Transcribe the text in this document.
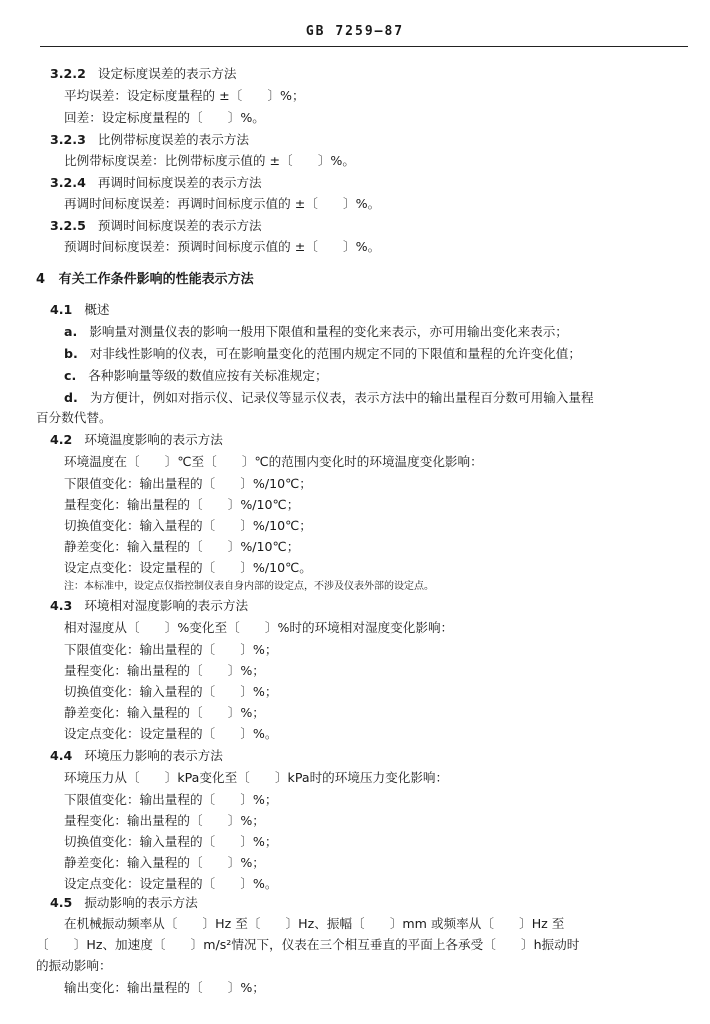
GB 7259—87
3.2.2 设定标度误差的表示方法
平均误差：设定标度量程的 ±〔　　〕%；
回差：设定标度量程的〔　　〕%。
3.2.3 比例带标度误差的表示方法
比例带标度误差：比例带标度示值的 ±〔　　〕%。
3.2.4 再调时间标度误差的表示方法
再调时间标度误差：再调时间标度示值的 ±〔　　〕%。
3.2.5 预调时间标度误差的表示方法
预调时间标度误差：预调时间标度示值的 ±〔　　〕%。
4 有关工作条件影响的性能表示方法
4.1 概述
a. 影响量对测量仪表的影响一般用下限值和量程的变化来表示，亦可用输出变化来表示；
b. 对非线性影响的仪表，可在影响量变化的范围内规定不同的下限值和量程的允许变化值；
c. 各种影响量等级的数值应按有关标准规定；
d. 为方便计，例如对指示仪、记录仪等显示仪表，表示方法中的输出量程百分数可用输入量程
百分数代替。
4.2 环境温度影响的表示方法
环境温度在〔　　〕℃至〔　　〕℃的范围内变化时的环境温度变化影响：
下限值变化：输出量程的〔　　〕%/10℃；
量程变化：输出量程的〔　　〕%/10℃；
切换值变化：输入量程的〔　　〕%/10℃；
静差变化：输入量程的〔　　〕%/10℃；
设定点变化：设定量程的〔　　〕%/10℃。
注：本标准中，设定点仅指控制仪表自身内部的设定点，不涉及仪表外部的设定点。
4.3 环境相对湿度影响的表示方法
相对湿度从〔　　〕%变化至〔　　〕%时的环境相对湿度变化影响：
下限值变化：输出量程的〔　　〕%；
量程变化：输出量程的〔　　〕%；
切换值变化：输入量程的〔　　〕%；
静差变化：输入量程的〔　　〕%；
设定点变化：设定量程的〔　　〕%。
4.4 环境压力影响的表示方法
环境压力从〔　　〕kPa变化至〔　　〕kPa时的环境压力变化影响：
下限值变化：输出量程的〔　　〕%；
量程变化：输出量程的〔　　〕%；
切换值变化：输入量程的〔　　〕%；
静差变化：输入量程的〔　　〕%；
设定点变化：设定量程的〔　　〕%。
4.5 振动影响的表示方法
在机械振动频率从〔　　〕Hz 至〔　　〕Hz、振幅〔　　〕mm 或频率从〔　　〕Hz 至
〔　　〕Hz、加速度〔　　〕m/s²情况下，仪表在三个相互垂直的平面上各承受〔　　〕h振动时
的振动影响：
输出变化：输出量程的〔　　〕%；
